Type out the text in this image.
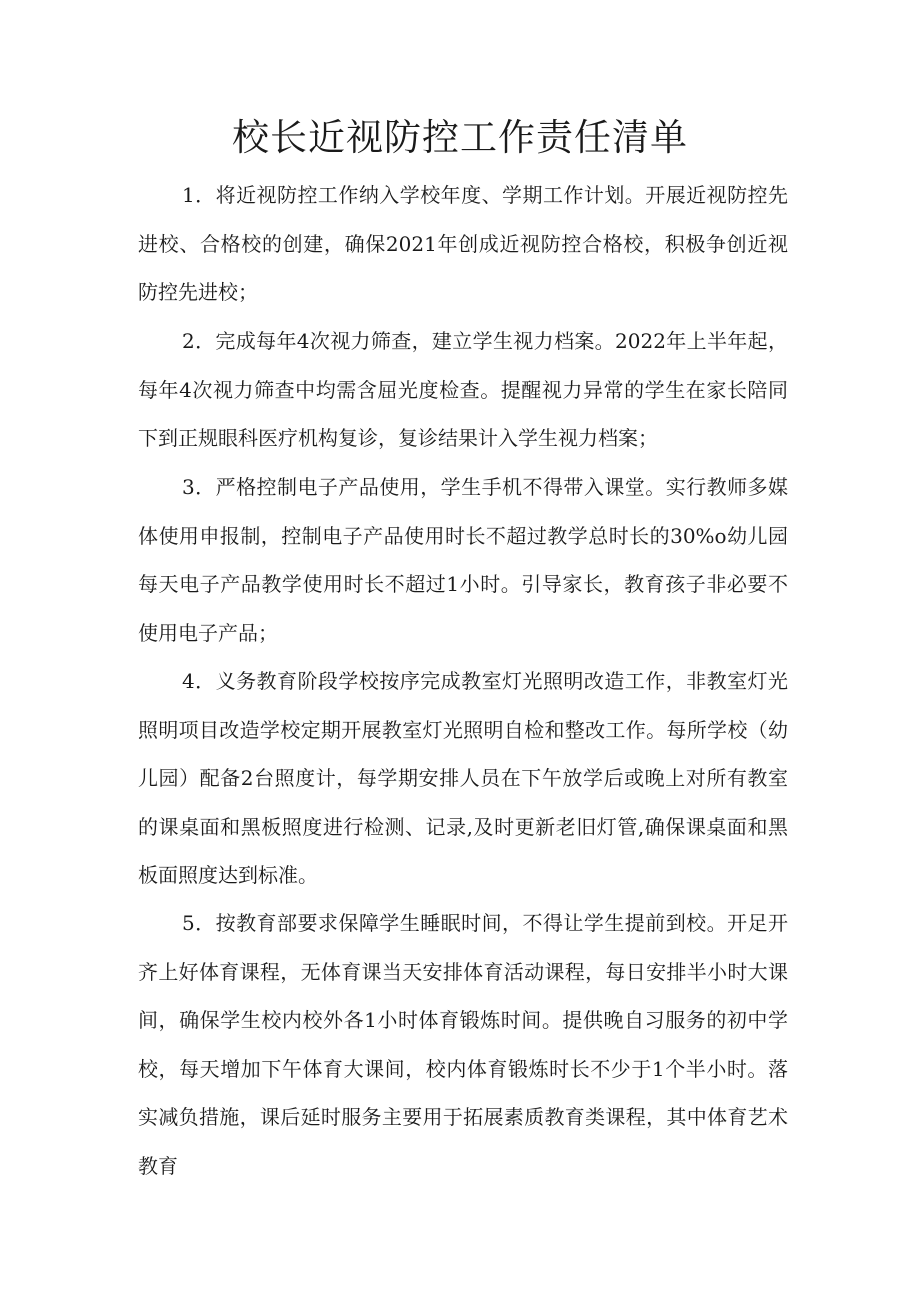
校长近视防控工作责任清单

1．将近视防控工作纳入学校年度、学期工作计划。开展近视防控先进校、合格校的创建，确保2021年创成近视防控合格校，积极争创近视防控先进校；

2．完成每年4次视力筛查，建立学生视力档案。2022年上半年起，每年4次视力筛查中均需含屈光度检查。提醒视力异常的学生在家长陪同下到正规眼科医疗机构复诊，复诊结果计入学生视力档案；

3．严格控制电子产品使用，学生手机不得带入课堂。实行教师多媒体使用申报制，控制电子产品使用时长不超过教学总时长的30%o幼儿园每天电子产品教学使用时长不超过1小时。引导家长，教育孩子非必要不使用电子产品；

4．义务教育阶段学校按序完成教室灯光照明改造工作，非教室灯光照明项目改造学校定期开展教室灯光照明自检和整改工作。每所学校（幼儿园）配备2台照度计，每学期安排人员在下午放学后或晚上对所有教室的课桌面和黑板照度进行检测、记录,及时更新老旧灯管,确保课桌面和黑板面照度达到标准。

5．按教育部要求保障学生睡眠时间，不得让学生提前到校。开足开齐上好体育课程，无体育课当天安排体育活动课程，每日安排半小时大课间，确保学生校内校外各1小时体育锻炼时间。提供晚自习服务的初中学校，每天增加下午体育大课间，校内体育锻炼时长不少于1个半小时。落实减负措施，课后延时服务主要用于拓展素质教育类课程，其中体育艺术教育
